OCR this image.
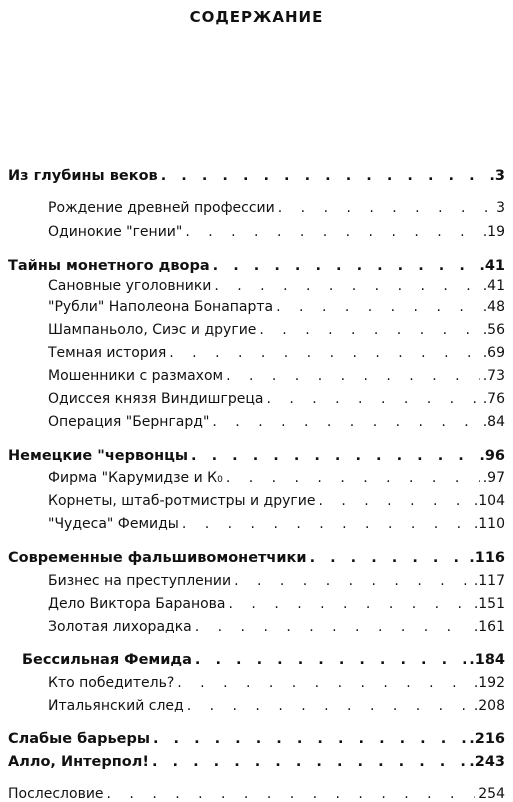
СОДЕРЖАНИЕ
Из глубины веков . . .	.3
Рождение древней профессии . . .	3
Одинокие "гении" . . .	.19
Тайны монетного двора . . .	.41
Сановные уголовники . . .	.41
"Рубли" Наполеона Бонапарта . . .	.48
Шампаньоло, Сиэс и другие . . .	.56
Темная история . . .	.69
Мошенники с размахом . . .	.73
Одиссея князя Виндишгреца . . .	.76
Операция "Бернгард" . . .	.84
Немецкие "червонцы . . .	.96
Фирма "Карумидзе и К 0 . . .	.97
Корнеты, штаб-ротмистры и другие . . .	.104
"Чудеса" Фемиды . . .	.110
Современные фальшивомонетчики . . .	.116
Бизнес на преступлении . . .	.117
Дело Виктора Баранова . . .	.151
Золотая лихорадка . . .	.161
Бессильная Фемида . . .	.184
Кто победитель? . . .	.192
Итальянский след . . .	.208
Слабые барьеры . . .	.216
Алло, Интерпол! . . .	.243
Послесловие . . .	254
